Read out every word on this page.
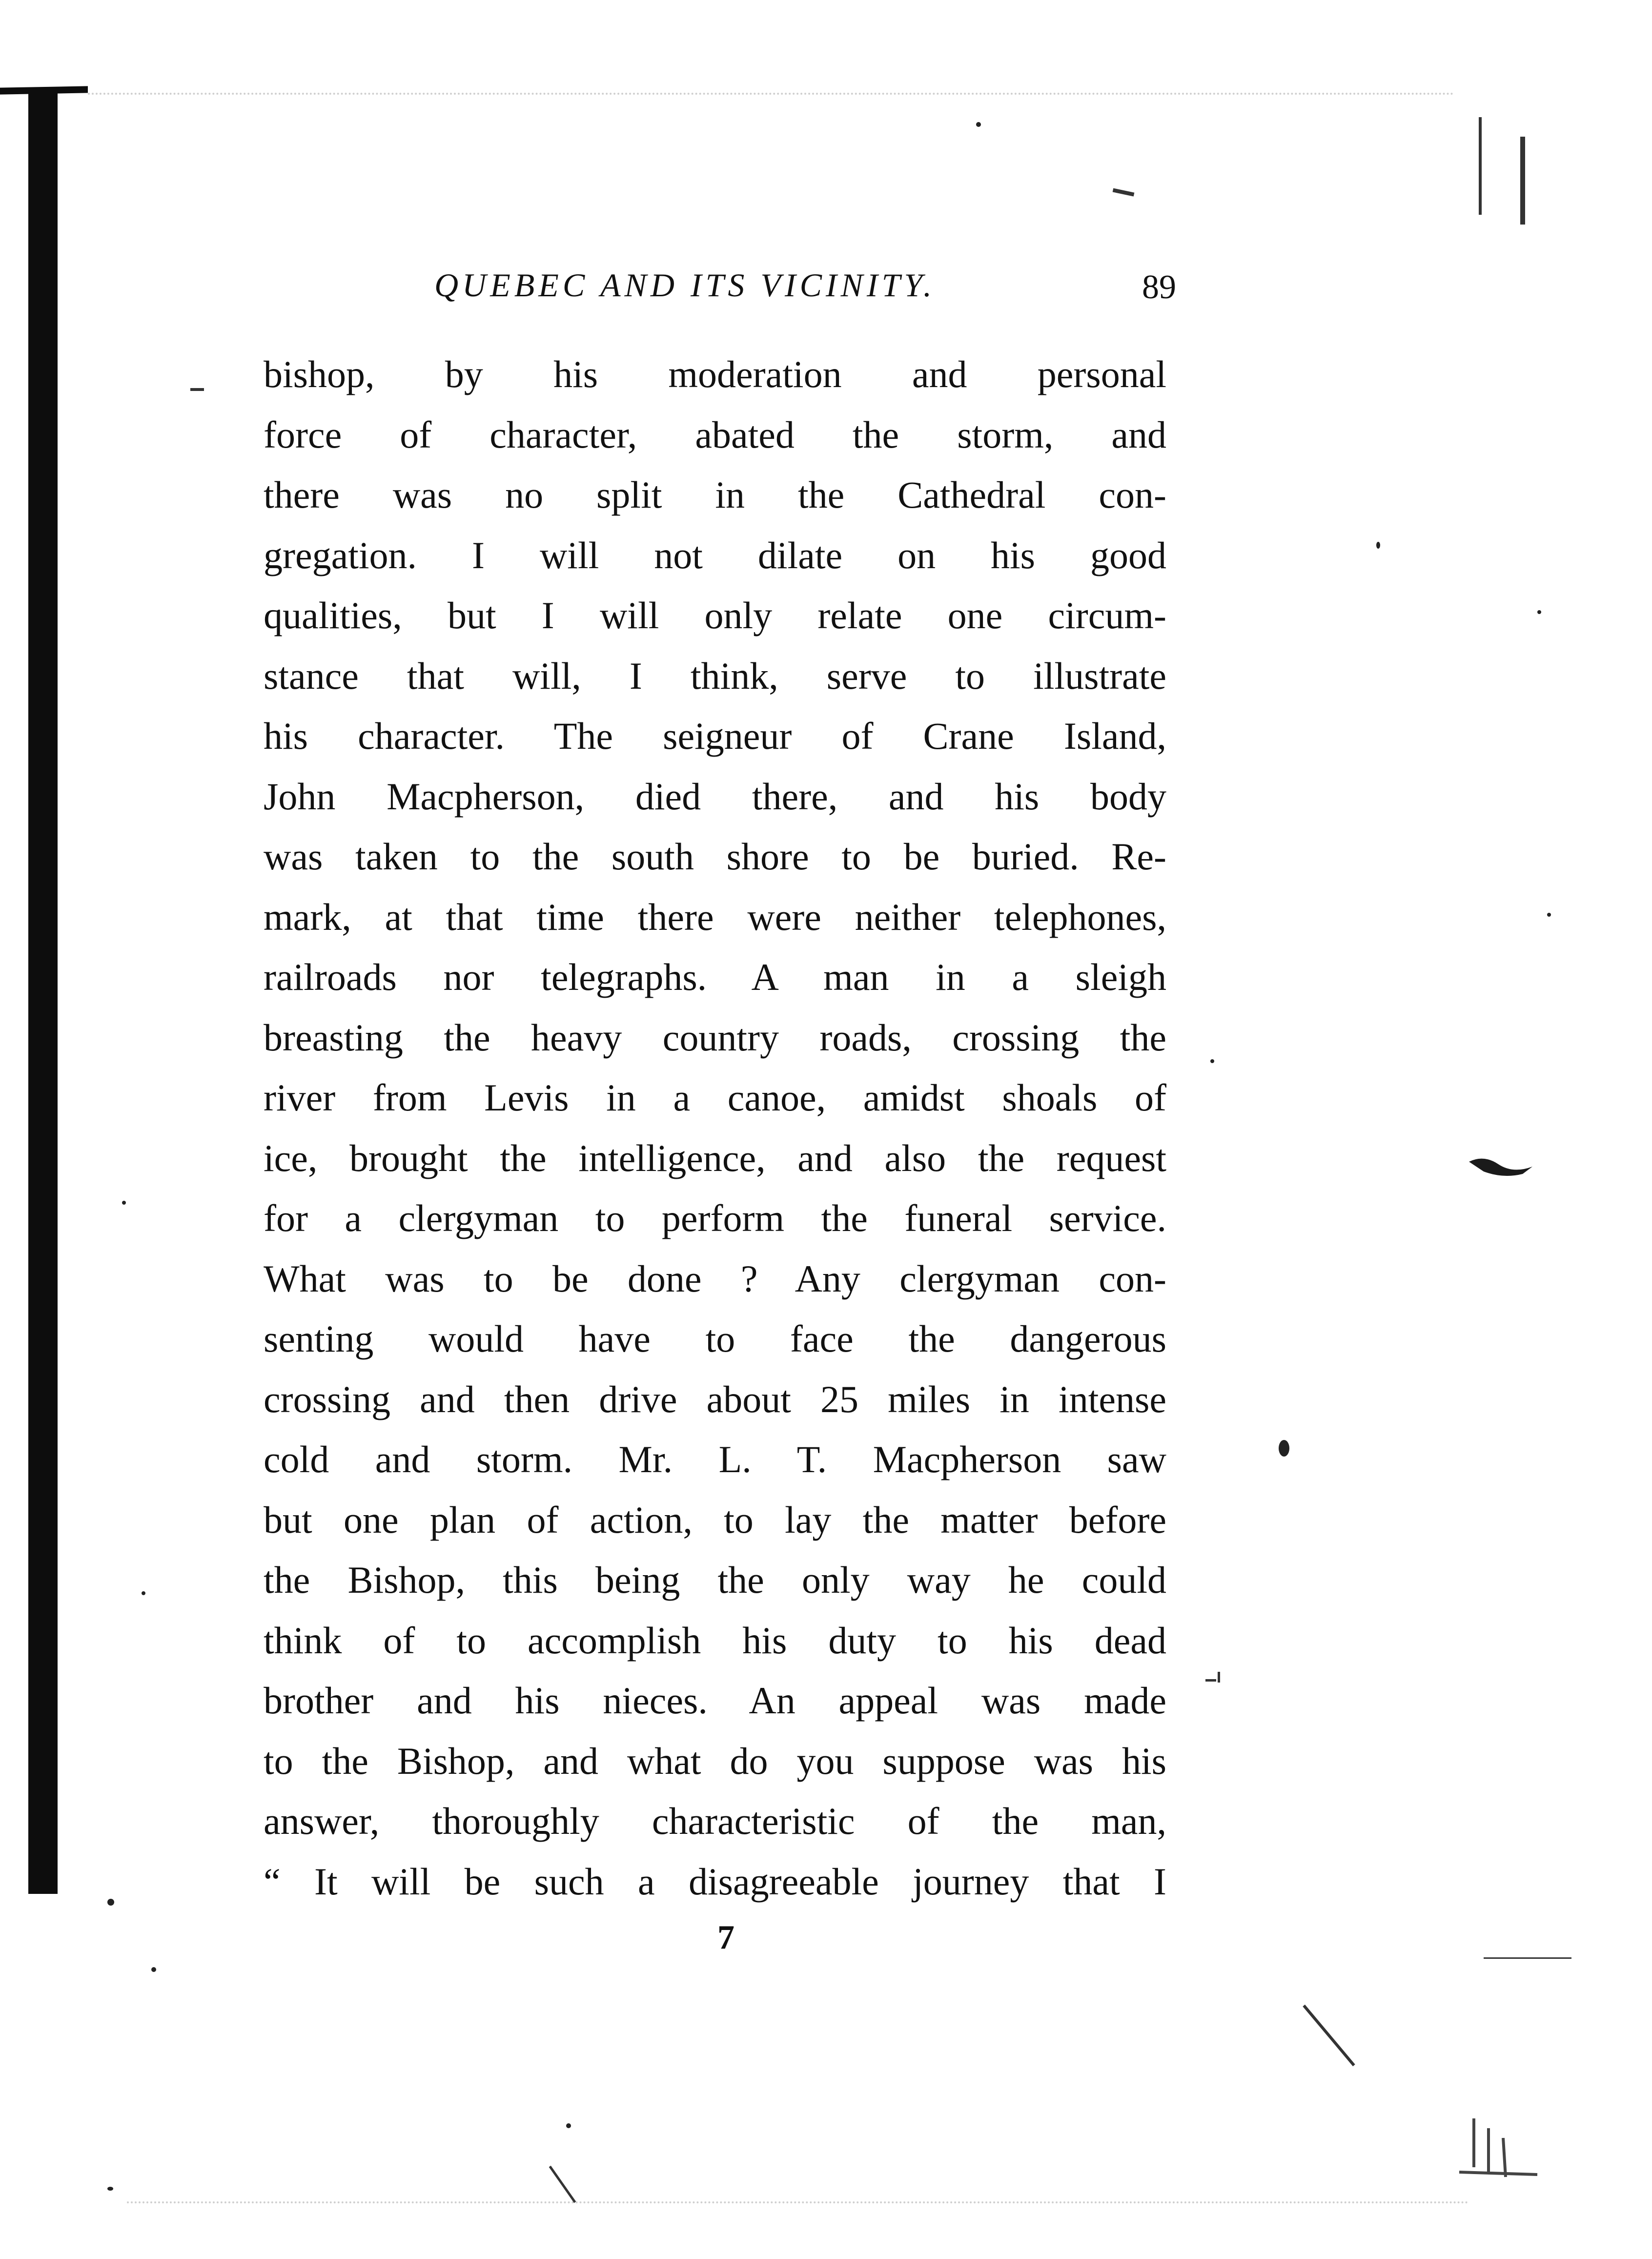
QUEBEC AND ITS VICINITY.	89
bishop, by his moderation and personal
force of character, abated the storm, and
there was no split in the Cathedral con-
gregation. I will not dilate on his good
qualities, but I will only relate one circum-
stance that will, I think, serve to illustrate
his character. The seigneur of Crane Island,
John Macpherson, died there, and his body
was taken to the south shore to be buried. Re-
mark, at that time there were neither telephones,
railroads nor telegraphs. A man in a sleigh
breasting the heavy country roads, crossing the
river from Levis in a canoe, amidst shoals of
ice, brought the intelligence, and also the request
for a clergyman to perform the funeral service.
What was to be done ? Any clergyman con-
senting would have to face the dangerous
crossing and then drive about 25 miles in intense
cold and storm. Mr. L. T. Macpherson saw
but one plan of action, to lay the matter before
the Bishop, this being the only way he could
think of to accomplish his duty to his dead
brother and his nieces. An appeal was made
to the Bishop, and what do you suppose was his
answer, thoroughly characteristic of the man,
“ It will be such a disagreeable journey that I
7
